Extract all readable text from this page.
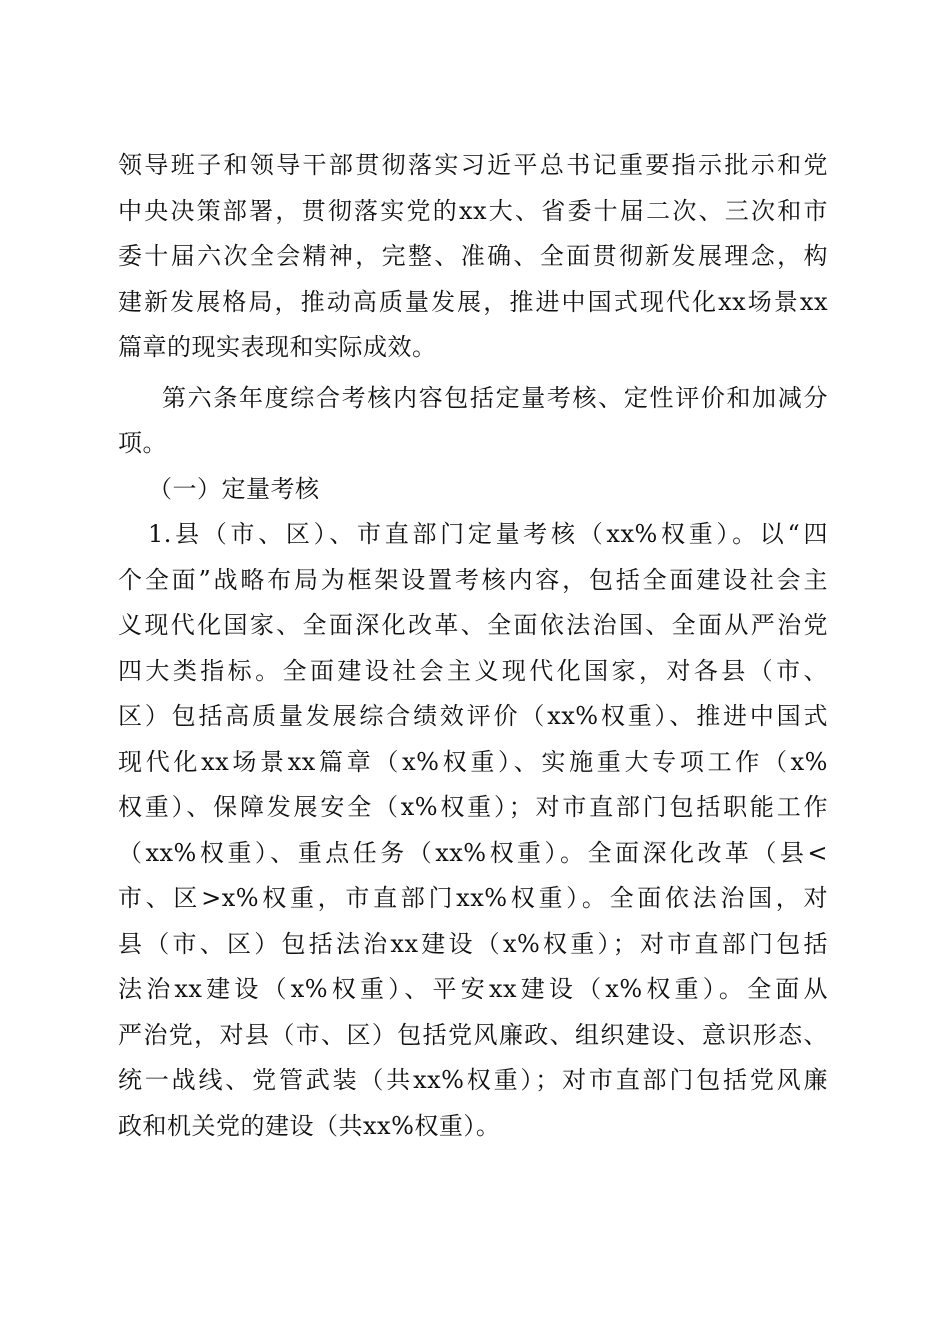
领导班子和领导干部贯彻落实习近平总书记重要指示批示和党
中央决策部署，贯彻落实党的xx大、省委十届二次、三次和市
委十届六次全会精神，完整、准确、全面贯彻新发展理念，构
建新发展格局，推动高质量发展，推进中国式现代化xx场景xx
篇章的现实表现和实际成效。
第六条年度综合考核内容包括定量考核、定性评价和加减分
项。
（一）定量考核
1.县（市、区）、市直部门定量考核（xx%权重）。以“四
个全面”战略布局为框架设置考核内容，包括全面建设社会主
义现代化国家、全面深化改革、全面依法治国、全面从严治党
四大类指标。全面建设社会主义现代化国家，对各县（市、
区）包括高质量发展综合绩效评价（xx%权重）、推进中国式
现代化xx场景xx篇章（x%权重）、实施重大专项工作（x%
权重）、保障发展安全（x%权重）；对市直部门包括职能工作
（xx%权重）、重点任务（xx%权重）。全面深化改革（县<
市、区>x%权重，市直部门xx%权重）。全面依法治国，对
县（市、区）包括法治xx建设（x%权重）；对市直部门包括
法治xx建设（x%权重）、平安xx建设（x%权重）。全面从
严治党，对县（市、区）包括党风廉政、组织建设、意识形态、
统一战线、党管武装（共xx%权重）；对市直部门包括党风廉
政和机关党的建设（共xx%权重）。
